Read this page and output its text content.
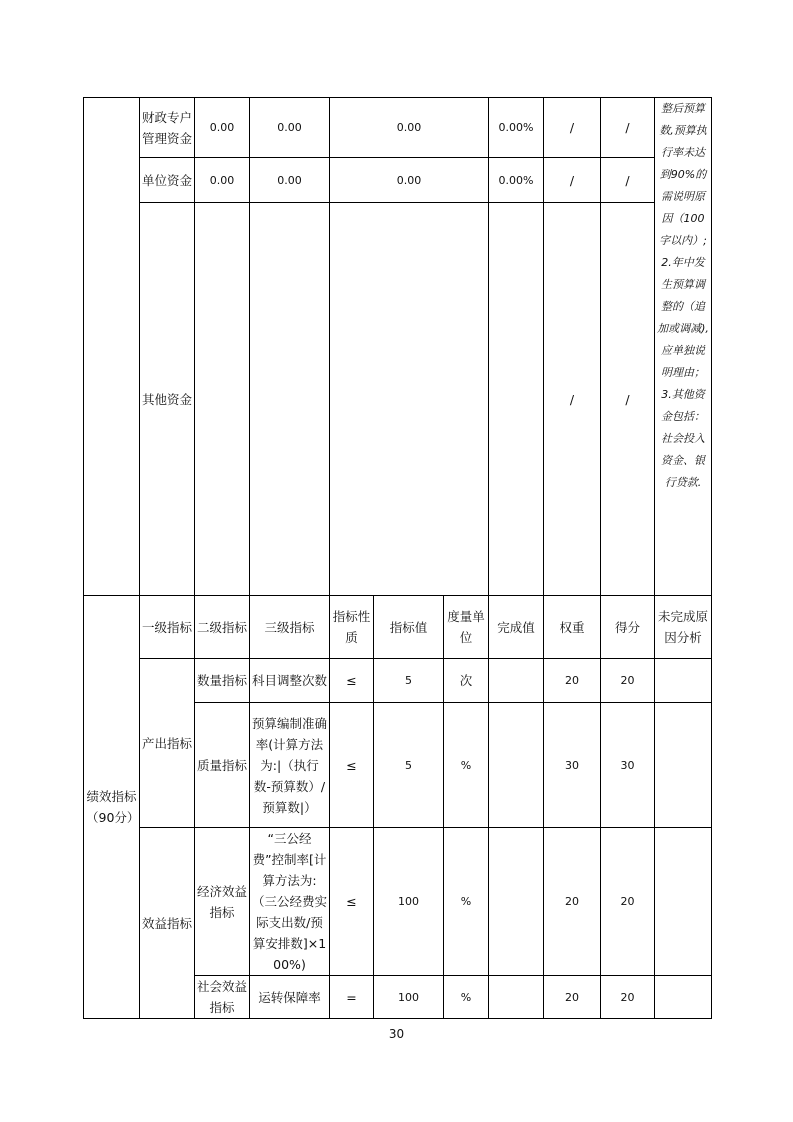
	财政专户管理资金	0.00	0.00	0.00			0.00%	/	/	整后预算数,预算执行率未达到90%的需说明原因（100字以内）;2.年中发生预算调整的（追加或调减),应单独说明理由；3.其他资金包括：社会投入资金、银行贷款.
	单位资金	0.00	0.00	0.00			0.00%	/	/	
	其他资金							/	/	
绩效指标（90分）	一级指标	二级指标	三级指标	指标性质	指标值	度量单位	完成值	权重	得分	未完成原因分析
	产出指标	数量指标	科目调整次数	≤	5	次		20	20	
		质量指标	预算编制准确率(计算方法为:|（执行数-预算数）/预算数|）	≤	5	%		30	30	
	效益指标	经济效益指标	“三公经费”控制率[计算方法为:（三公经费实际支出数/预算安排数]×100%)	≤	100	%		20	20	
		社会效益指标	运转保障率	=	100	%		20	20	
30
